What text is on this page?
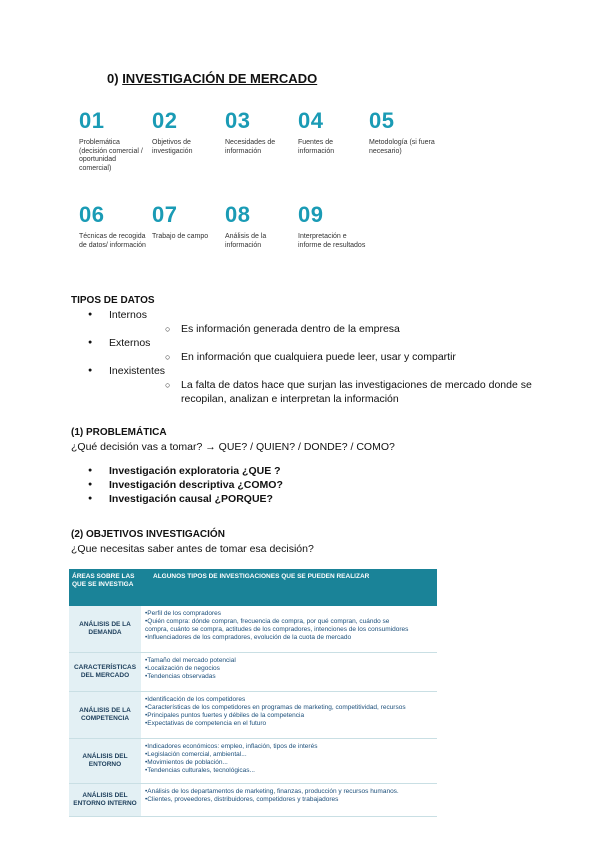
0) INVESTIGACIÓN DE MERCADO
01
Problemática (decisión comercial / oportunidad comercial)
02
Objetivos de investigación
03
Necesidades de información
04
Fuentes de información
05
Metodología (si fuera necesario)
06
Técnicas de recogida de datos/ información
07
Trabajo de campo
08
Análisis de la información
09
Interpretación e informe de resultados
TIPOS DE DATOS
● Internos
○ Es información generada dentro de la empresa
● Externos
○ En información que cualquiera puede leer, usar y compartir
● Inexistentes
○ La falta de datos hace que surjan las investigaciones de mercado donde se recopilan, analizan e interpretan la información
(1) PROBLEMÁTICA
¿Qué decisión vas a tomar? → QUE? / QUIEN? / DONDE? / COMO?
● Investigación exploratoria ¿QUE ?
● Investigación descriptiva ¿COMO?
● Investigación causal ¿PORQUE?
(2) OBJETIVOS INVESTIGACIÓN
¿Que necesitas saber antes de tomar esa decisión?
ÁREAS SOBRE LAS QUE SE INVESTIGA
ALGUNOS TIPOS DE INVESTIGACIONES QUE SE PUEDEN REALIZAR
ANÁLISIS DE LA DEMANDA
•Perfil de los compradores
•Quién compra: dónde compran, frecuencia de compra, por qué compran, cuándo se
compra, cuánto se compra, actitudes de los compradores, intenciones de los consumidores
•Influenciadores de los compradores, evolución de la cuota de mercado
CARACTERÍSTICAS DEL MERCADO
•Tamaño del mercado potencial
•Localización de negocios
•Tendencias observadas
ANÁLISIS DE LA COMPETENCIA
•Identificación de los competidores
•Características de los competidores en programas de marketing, competitividad, recursos
•Principales puntos fuertes y débiles de la competencia
•Expectativas de competencia en el futuro
ANÁLISIS DEL ENTORNO
•Indicadores económicos: empleo, inflación, tipos de interés
•Legislación comercial, ambiental...
•Movimientos de población...
•Tendencias culturales, tecnológicas...
ANÁLISIS DEL ENTORNO INTERNO
•Análisis de los departamentos de marketing, finanzas, producción y recursos humanos.
•Clientes, proveedores, distribuidores, competidores y trabajadores
